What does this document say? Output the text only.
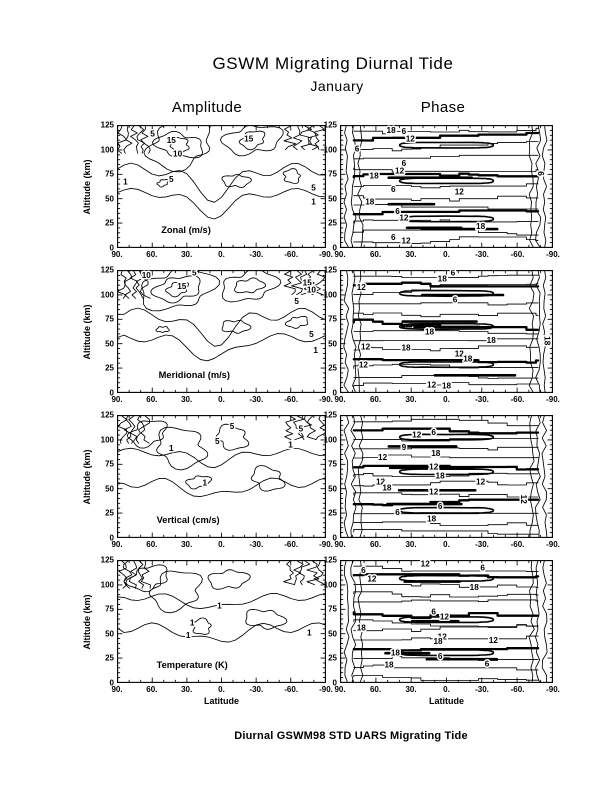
GSWM Migrating Diurnal Tide
January
Amplitude	Phase
5
15	15
10
5
1
5
1
Zonal (m/s)
90.	60.	30.	0.	-30.	-60.	-90.
0
25
50
75
100
125
Altitude (km)
18 6
12
6
6
12
18
6	12
18
6
12
18
6 12
6
90.	60.	30.	0.	-30.	-60.	-90.
0
25
50
75
100
125
10	5
15	15
10
5
5
1
Meridional (m/s)
90.	60.	30.	0.	-30.	-60.	-90.
0
25
50
75
100
125
Altitude (km)
6
18
12
6
18
18
12	18
12
18
12
12 18
18
90.	60.	30.	0.	-30.	-60.	-90.
0
25
50
75
100
125
5	5
5
1	1
1
Vertical (cm/s)
90.	60.	30.	0.	-30.	-60.	-90.
0
25
50
75
100
125
Altitude (km)
12 6
9
18
12
12
18
12	12
18	12
6
6
18
12
90.	60.	30.	0.	-30.	-60.	-90.
0
25
50
75
100
125
1
1
1	1
Temperature (K)
90.	60.	30.	0.	-30.	-60.	-90.
0
25
50
75
100
125
Altitude (km)
Latitude
12
6	6
12
18
6
12
18
12
18	12
18	6
18	6
90.	60.	30.	0.	-30.	-60.	-90.
0
25
50
75
100
125
Latitude
Diurnal GSWM98 STD UARS Migrating Tide
